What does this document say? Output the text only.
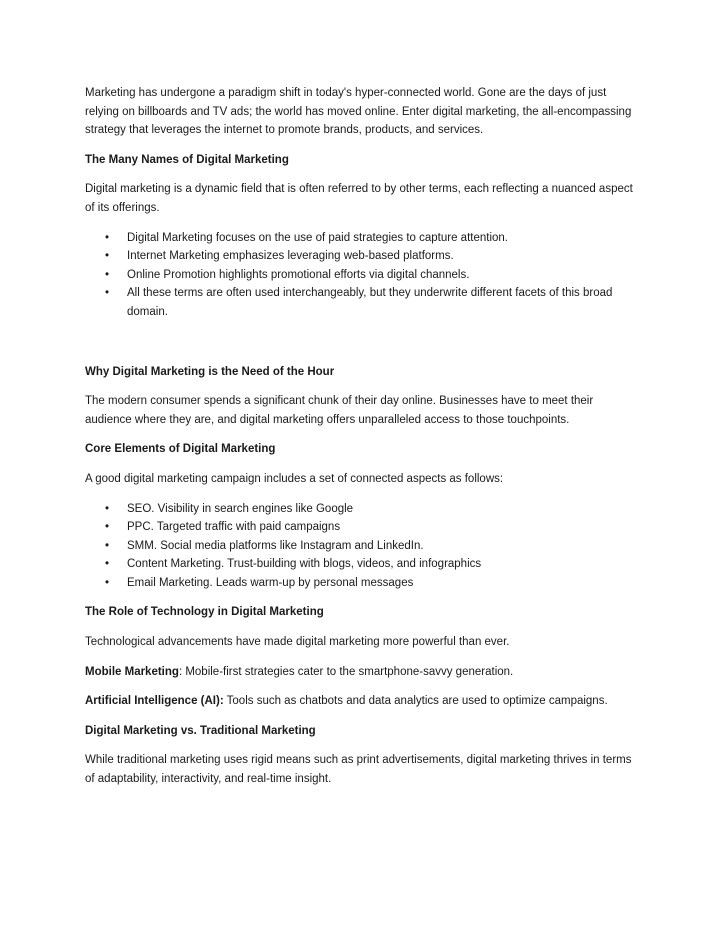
Marketing has undergone a paradigm shift in today's hyper-connected world. Gone are the days of just relying on billboards and TV ads; the world has moved online. Enter digital marketing, the all-encompassing strategy that leverages the internet to promote brands, products, and services.

The Many Names of Digital Marketing

Digital marketing is a dynamic field that is often referred to by other terms, each reflecting a nuanced aspect of its offerings.

• Digital Marketing focuses on the use of paid strategies to capture attention.
• Internet Marketing emphasizes leveraging web-based platforms.
• Online Promotion highlights promotional efforts via digital channels.
• All these terms are often used interchangeably, but they underwrite different facets of this broad domain.

Why Digital Marketing is the Need of the Hour

The modern consumer spends a significant chunk of their day online. Businesses have to meet their audience where they are, and digital marketing offers unparalleled access to those touchpoints.

Core Elements of Digital Marketing

A good digital marketing campaign includes a set of connected aspects as follows:

• SEO. Visibility in search engines like Google
• PPC. Targeted traffic with paid campaigns
• SMM. Social media platforms like Instagram and LinkedIn.
• Content Marketing. Trust-building with blogs, videos, and infographics
• Email Marketing. Leads warm-up by personal messages

The Role of Technology in Digital Marketing

Technological advancements have made digital marketing more powerful than ever.

Mobile Marketing: Mobile-first strategies cater to the smartphone-savvy generation.

Artificial Intelligence (AI): Tools such as chatbots and data analytics are used to optimize campaigns.

Digital Marketing vs. Traditional Marketing

While traditional marketing uses rigid means such as print advertisements, digital marketing thrives in terms of adaptability, interactivity, and real-time insight.
